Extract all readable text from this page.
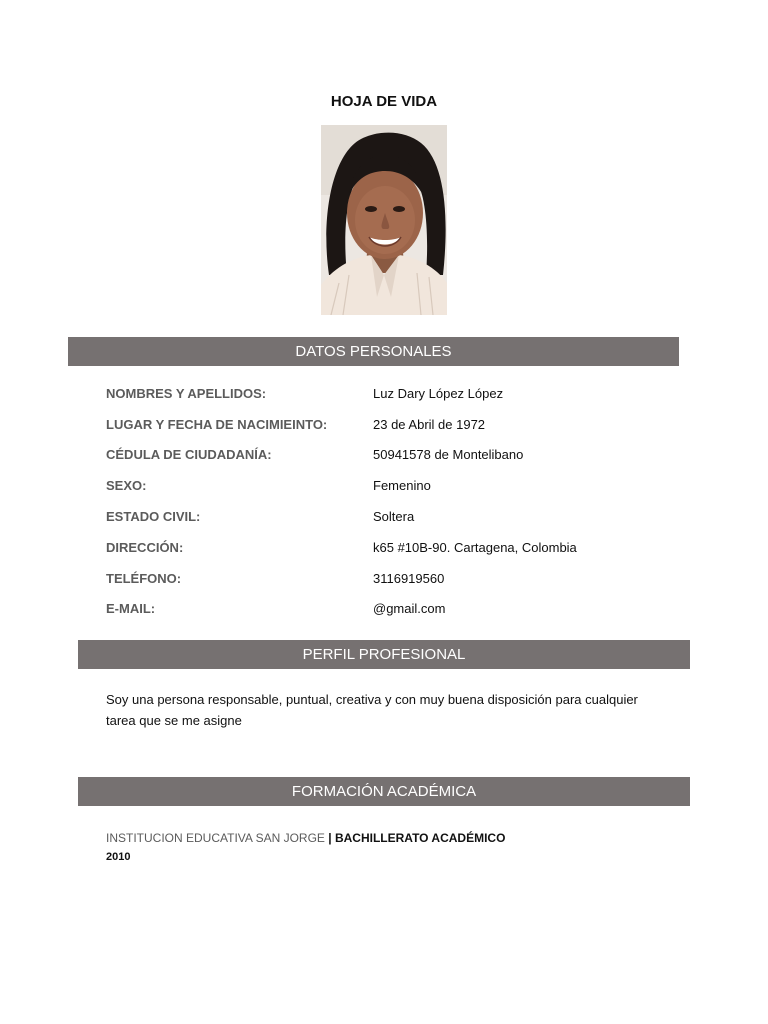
HOJA DE VIDA
DATOS PERSONALES
NOMBRES Y APELLIDOS:	Luz Dary López López
LUGAR Y FECHA DE NACIMIEINTO:	23 de Abril de 1972
CÉDULA DE CIUDADANÍA:	50941578 de Montelibano
SEXO:	Femenino
ESTADO CIVIL:	Soltera
DIRECCIÓN:	k65 #10B-90. Cartagena, Colombia
TELÉFONO:	3116919560
E-MAIL:	@gmail.com
PERFIL PROFESIONAL
Soy una persona responsable, puntual, creativa y con muy buena disposición para cualquier tarea que se me asigne
FORMACIÓN ACADÉMICA
INSTITUCION EDUCATIVA SAN JORGE | BACHILLERATO ACADÉMICO
2010
